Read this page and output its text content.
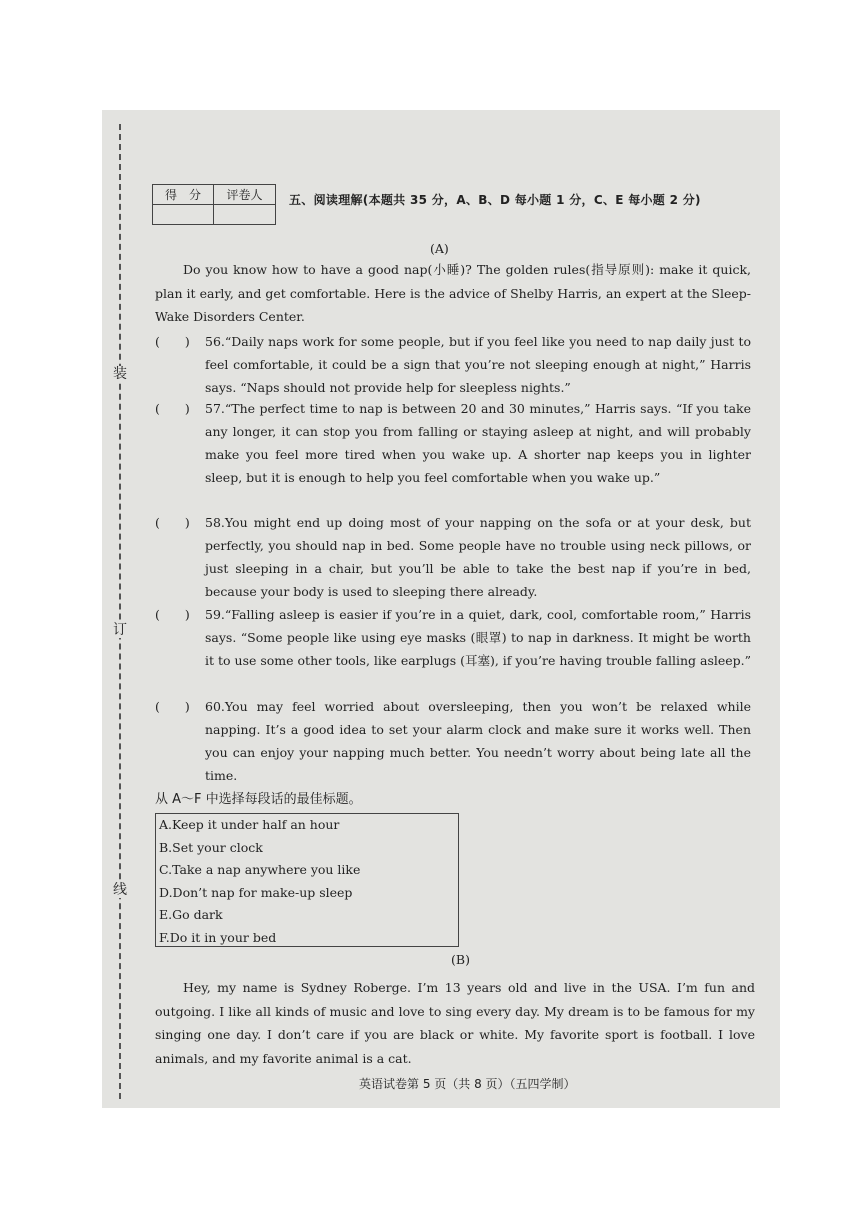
装
订
线
得　分	评卷人
	五、阅读理解(本题共 35 分，A、B、D 每小题 1 分，C、E 每小题 2 分)
(A)
Do you know how to have a good nap(小睡)? The golden rules(指导原则): make it quick, plan it early, and get comfortable. Here is the advice of Shelby Harris, an expert at the Sleep-Wake Disorders Center.
(　　) 56.“Daily naps work for some people, but if you feel like you need to nap daily just to feel comfortable, it could be a sign that you’re not sleeping enough at night,” Harris says. “Naps should not provide help for sleepless nights.”
(　　) 57.“The perfect time to nap is between 20 and 30 minutes,” Harris says. “If you take any longer, it can stop you from falling or staying asleep at night, and will probably make you feel more tired when you wake up. A shorter nap keeps you in lighter sleep, but it is enough to help you feel comfortable when you wake up.”
(　　) 58.You might end up doing most of your napping on the sofa or at your desk, but perfectly, you should nap in bed. Some people have no trouble using neck pillows, or just sleeping in a chair, but you’ll be able to take the best nap if you’re in bed, because your body is used to sleeping there already.
(　　) 59.“Falling asleep is easier if you’re in a quiet, dark, cool, comfortable room,” Harris says. “Some people like using eye masks (眼罩) to nap in darkness. It might be worth it to use some other tools, like earplugs (耳塞), if you’re having trouble falling asleep.”
(　　) 60.You may feel worried about oversleeping, then you won’t be relaxed while napping. It’s a good idea to set your alarm clock and make sure it works well. Then you can enjoy your napping much better. You needn’t worry about being late all the time.
从 A～F 中选择每段话的最佳标题。
A.Keep it under half an hour
B.Set your clock
C.Take a nap anywhere you like
D.Don’t nap for make-up sleep
E.Go dark
F.Do it in your bed
(B)
Hey, my name is Sydney Roberge. I’m 13 years old and live in the USA. I’m fun and outgoing. I like all kinds of music and love to sing every day. My dream is to be famous for my singing one day. I don’t care if you are black or white. My favorite sport is football. I love animals, and my favorite animal is a cat.
英语试卷第 5 页（共 8 页）（五四学制）
